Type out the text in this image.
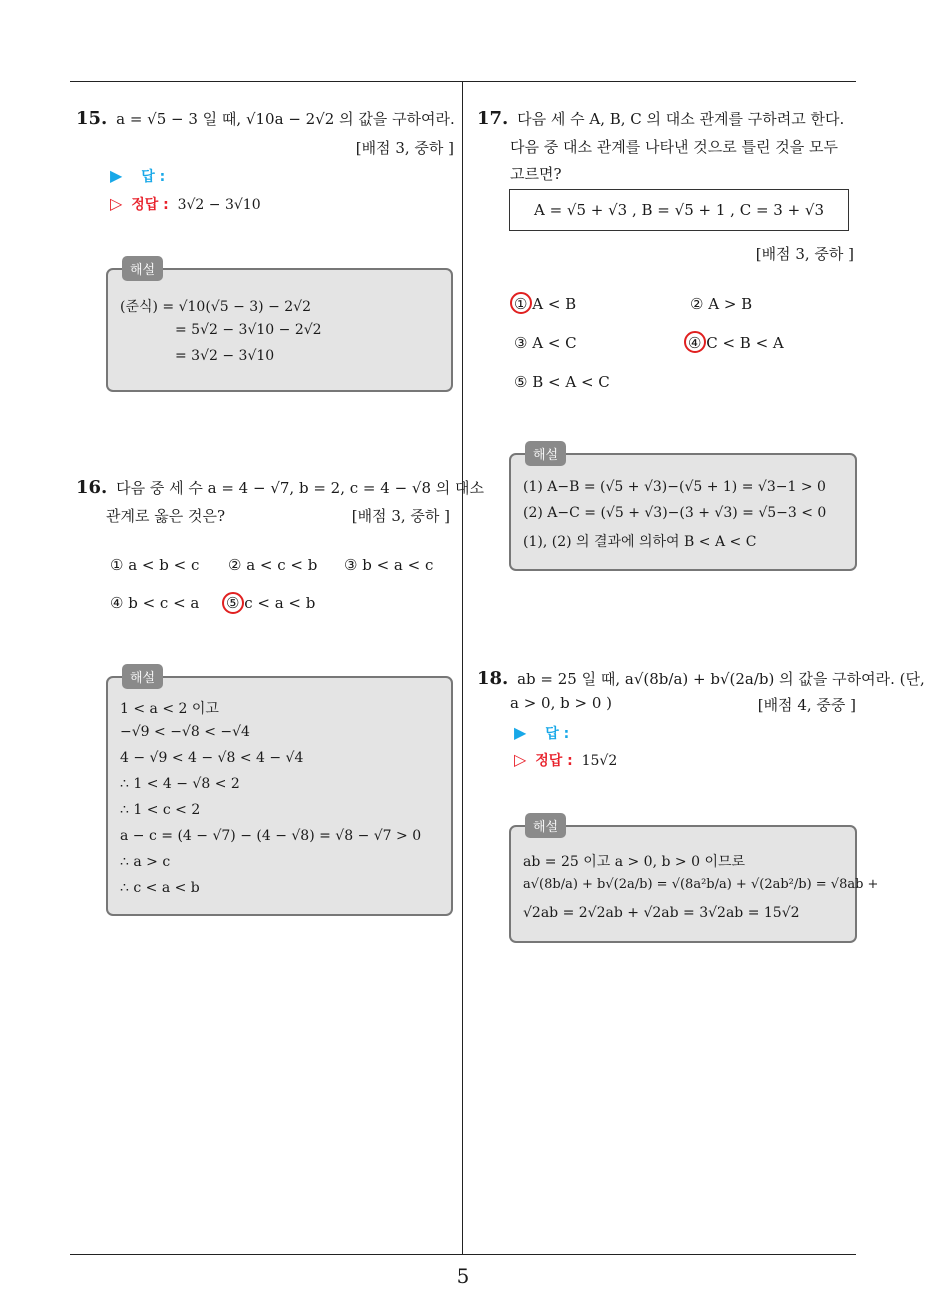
15. a = √5 − 3 일 때, √10a − 2√2 의 값을 구하여라.
[배점 3, 중하 ]
▶ 답 :
▷ 정답 : 3√2 − 3√10
해설
(준식) = √10(√5 − 3) − 2√2
= 5√2 − 3√10 − 2√2
= 3√2 − 3√10
16. 다음 중 세 수 a = 4 − √7, b = 2, c = 4 − √8 의 대소
관계로 옳은 것은?	[배점 3, 중하 ]
① a < b < c ② a < c < b ③ b < a < c
④ b < c < a ⑤ c < a < b
해설
1 < a < 2 이고
−√9 < −√8 < −√4
4 − √9 < 4 − √8 < 4 − √4
∴ 1 < 4 − √8 < 2
∴ 1 < c < 2
a − c = (4 − √7) − (4 − √8) = √8 − √7 > 0
∴ a > c
∴ c < a < b
17. 다음 세 수 A, B, C 의 대소 관계를 구하려고 한다.
다음 중 대소 관계를 나타낸 것으로 틀린 것을 모두
고르면?
A = √5 + √3 , B = √5 + 1 , C = 3 + √3
[배점 3, 중하 ]
① A < B	② A > B
③ A < C	④ C < B < A
⑤ B < A < C
해설
(1) A−B = (√5 + √3)−(√5 + 1) = √3−1 > 0
(2) A−C = (√5 + √3)−(3 + √3) = √5−3 < 0
(1), (2) 의 결과에 의하여 B < A < C
18. ab = 25 일 때, a√(8b/a) + b√(2a/b) 의 값을 구하여라. (단,
a > 0, b > 0 )	[배점 4, 중중 ]
▶ 답 :
▷ 정답 : 15√2
해설
ab = 25 이고 a > 0, b > 0 이므로
a√(8b/a) + b√(2a/b) = √(8a²b/a) + √(2ab²/b) = √8ab +
√2ab = 2√2ab + √2ab = 3√2ab = 15√2
5
